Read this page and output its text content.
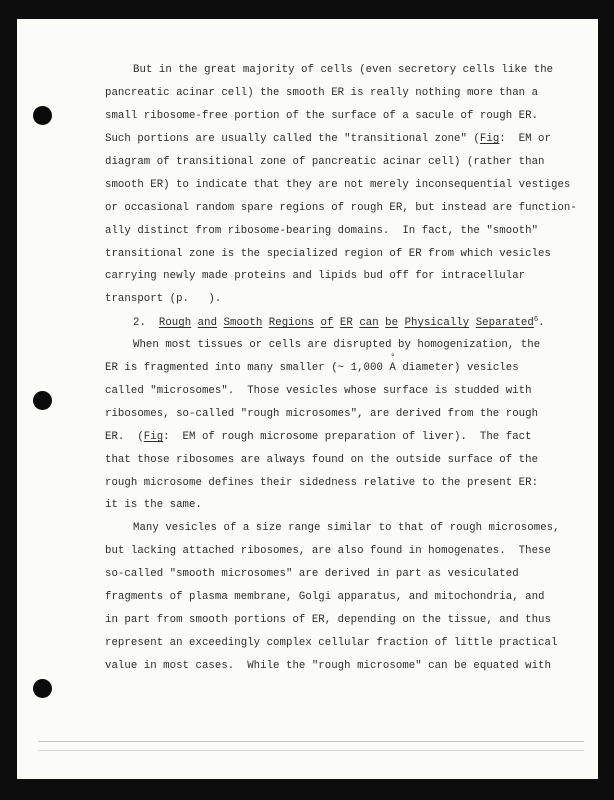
But in the great majority of cells (even secretory cells like the
pancreatic acinar cell) the smooth ER is really nothing more than a
small ribosome-free portion of the surface of a sacule of rough ER.
Such portions are usually called the "transitional zone" (Fig:  EM or
diagram of transitional zone of pancreatic acinar cell) (rather than
smooth ER) to indicate that they are not merely inconsequential vestiges
or occasional random spare regions of rough ER, but instead are function-
ally distinct from ribosome-bearing domains.  In fact, the "smooth"
transitional zone is the specialized region of ER from which vesicles
carrying newly made proteins and lipids bud off for intracellular
transport (p.   ).
2. Rough and Smooth Regions of ER can be Physically Separated$^6$.
When most tissues or cells are disrupted by homogenization, the
ER is fragmented into many smaller (~ 1,000 ° A diameter) vesicles
called "microsomes".  Those vesicles whose surface is studded with
ribosomes, so-called "rough microsomes", are derived from the rough
ER.  (Fig:  EM of rough microsome preparation of liver).  The fact
that those ribosomes are always found on the outside surface of the
rough microsome defines their sidedness relative to the present ER:
it is the same.
Many vesicles of a size range similar to that of rough microsomes,
but lacking attached ribosomes, are also found in homogenates.  These
so-called "smooth microsomes" are derived in part as vesiculated
fragments of plasma membrane, Golgi apparatus, and mitochondria, and
in part from smooth portions of ER, depending on the tissue, and thus
represent an exceedingly complex cellular fraction of little practical
value in most cases.  While the "rough microsome" can be equated with
